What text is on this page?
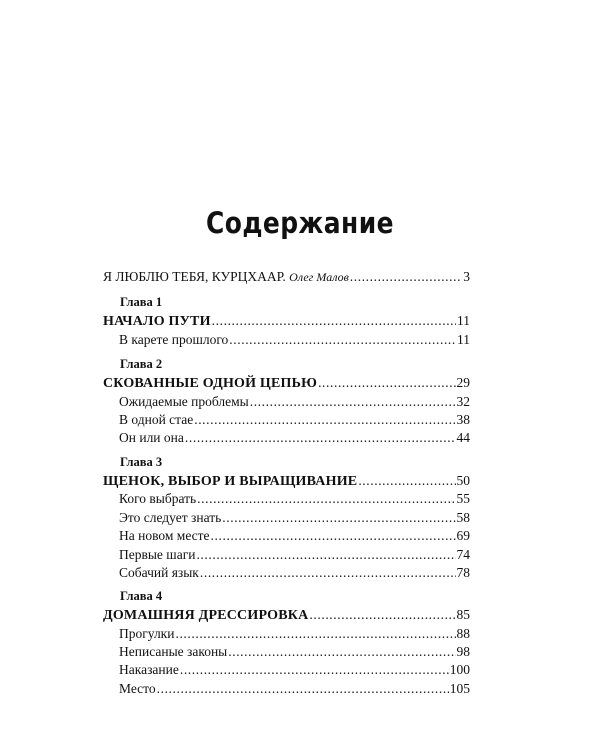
Содержание
Я ЛЮБЛЮ ТЕБЯ, КУРЦХААР. Олег Малов .....	3
Глава 1
НАЧАЛО ПУТИ .....	11
В карете прошлого .....	11
Глава 2
СКОВАННЫЕ ОДНОЙ ЦЕПЬЮ .....	29
Ожидаемые проблемы .....	32
В одной стае .....	38
Он или она .....	44
Глава 3
ЩЕНОК, ВЫБОР И ВЫРАЩИВАНИЕ .....	50
Кого выбрать .....	55
Это следует знать .....	58
На новом месте .....	69
Первые шаги .....	74
Собачий язык .....	78
Глава 4
ДОМАШНЯЯ ДРЕССИРОВКА .....	85
Прогулки .....	88
Неписаные законы .....	98
Наказание .....	100
Место .....	105
